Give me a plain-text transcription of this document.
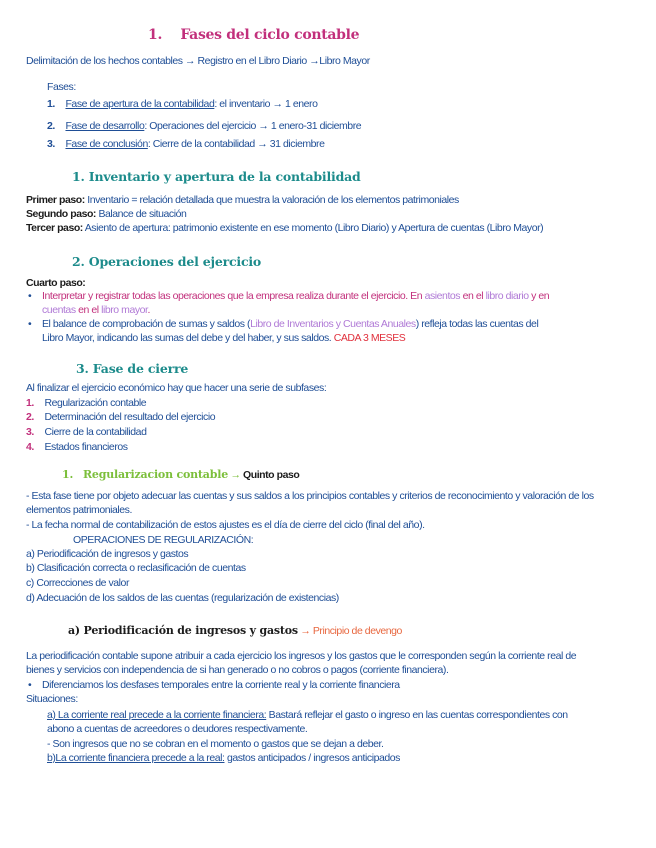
1. Fases del ciclo contable
Delimitación de los hechos contables → Registro en el Libro Diario →Libro Mayor
Fases:
1. Fase de apertura de la contabilidad: el inventario → 1 enero
2. Fase de desarrollo: Operaciones del ejercicio → 1 enero-31 diciembre
3. Fase de conclusión: Cierre de la contabilidad → 31 diciembre
1. Inventario y apertura de la contabilidad
Primer paso: Inventario = relación detallada que muestra la valoración de los elementos patrimoniales
Segundo paso: Balance de situación
Tercer paso: Asiento de apertura: patrimonio existente en ese momento (Libro Diario) y Apertura de cuentas (Libro Mayor)
2. Operaciones del ejercicio
Cuarto paso:
• Interpretar y registrar todas las operaciones que la empresa realiza durante el ejercicio. En asientos en el libro diario y en
cuentas en el libro mayor.
• El balance de comprobación de sumas y saldos (Libro de Inventarios y Cuentas Anuales) refleja todas las cuentas del
Libro Mayor, indicando las sumas del debe y del haber, y sus saldos. CADA 3 MESES
3. Fase de cierre
Al finalizar el ejercicio económico hay que hacer una serie de subfases:
1. Regularización contable
2. Determinación del resultado del ejercicio
3. Cierre de la contabilidad
4. Estados financieros
1. Regularizacion contable → Quinto paso
- Esta fase tiene por objeto adecuar las cuentas y sus saldos a los principios contables y criterios de reconocimiento y valoración de los
elementos patrimoniales.
- La fecha normal de contabilización de estos ajustes es el día de cierre del ciclo (final del año).
OPERACIONES DE REGULARIZACIÓN:
a) Periodificación de ingresos y gastos
b) Clasificación correcta o reclasificación de cuentas
c) Correcciones de valor
d) Adecuación de los saldos de las cuentas (regularización de existencias)
a) Periodificación de ingresos y gastos → Principio de devengo
La periodificación contable supone atribuir a cada ejercicio los ingresos y los gastos que le corresponden según la corriente real de
bienes y servicios con independencia de si han generado o no cobros o pagos (corriente financiera).
• Diferenciamos los desfases temporales entre la corriente real y la corriente financiera
Situaciones:
a) La corriente real precede a la corriente financiera: Bastará reflejar el gasto o ingreso en las cuentas correspondientes con
abono a cuentas de acreedores o deudores respectivamente.
- Son ingresos que no se cobran en el momento o gastos que se dejan a deber.
b)La corriente financiera precede a la real: gastos anticipados / ingresos anticipados
